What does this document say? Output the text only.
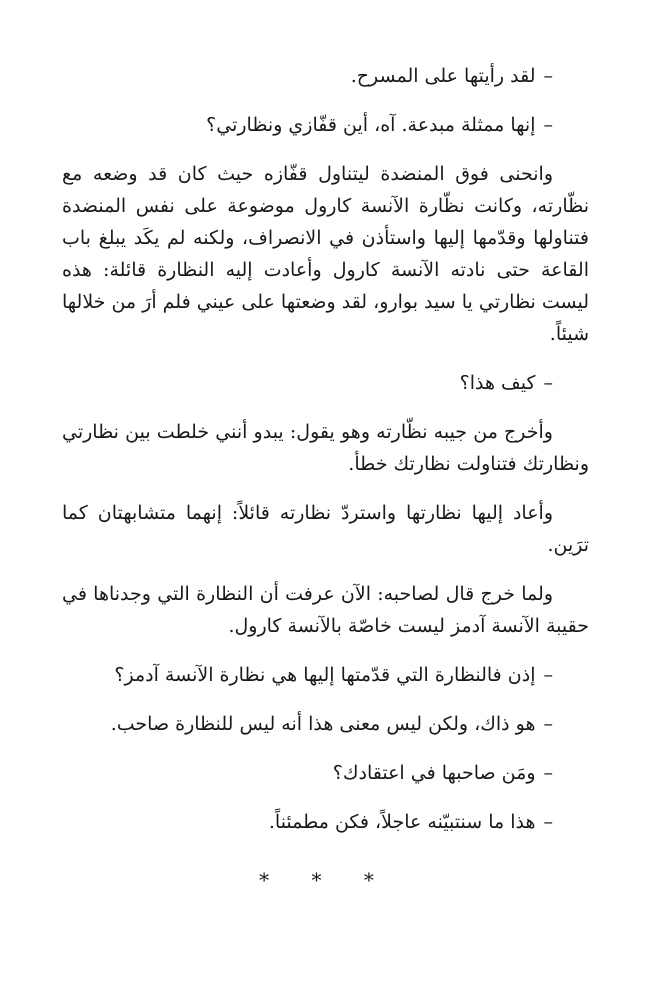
–لقد رأيتها على المسرح.

–إنها ممثلة مبدعة. آه، أين قفّازي ونظارتي؟

وانحنى فوق المنضدة ليتناول قفّازه حيث كان قد وضعه مع نظّارته، وكانت نظّارة الآنسة كارول موضوعة على نفس المنضدة فتناولها وقدّمها إليها واستأذن في الانصراف، ولكنه لم يكَد يبلغ باب القاعة حتى نادته الآنسة كارول وأعادت إليه النظارة قائلة: هذه ليست نظارتي يا سيد بوارو، لقد وضعتها على عيني فلم أرَ من خلالها شيئاً.

–كيف هذا؟

وأخرج من جيبه نظّارته وهو يقول: يبدو أنني خلطت بين نظارتي ونظارتك فتناولت نظارتك خطأ.

وأعاد إليها نظارتها واستردّ نظارته قائلاً: إنهما متشابهتان كما ترَين.

ولما خرج قال لصاحبه: الآن عرفت أن النظارة التي وجدناها في حقيبة الآنسة آدمز ليست خاصّة بالآنسة كارول.

–إذن فالنظارة التي قدّمتها إليها هي نظارة الآنسة آدمز؟

–هو ذاك، ولكن ليس معنى هذا أنه ليس للنظارة صاحب.

–ومَن صاحبها في اعتقادك؟

–هذا ما سنتبيّنه عاجلاً، فكن مطمئناً.

* * *
